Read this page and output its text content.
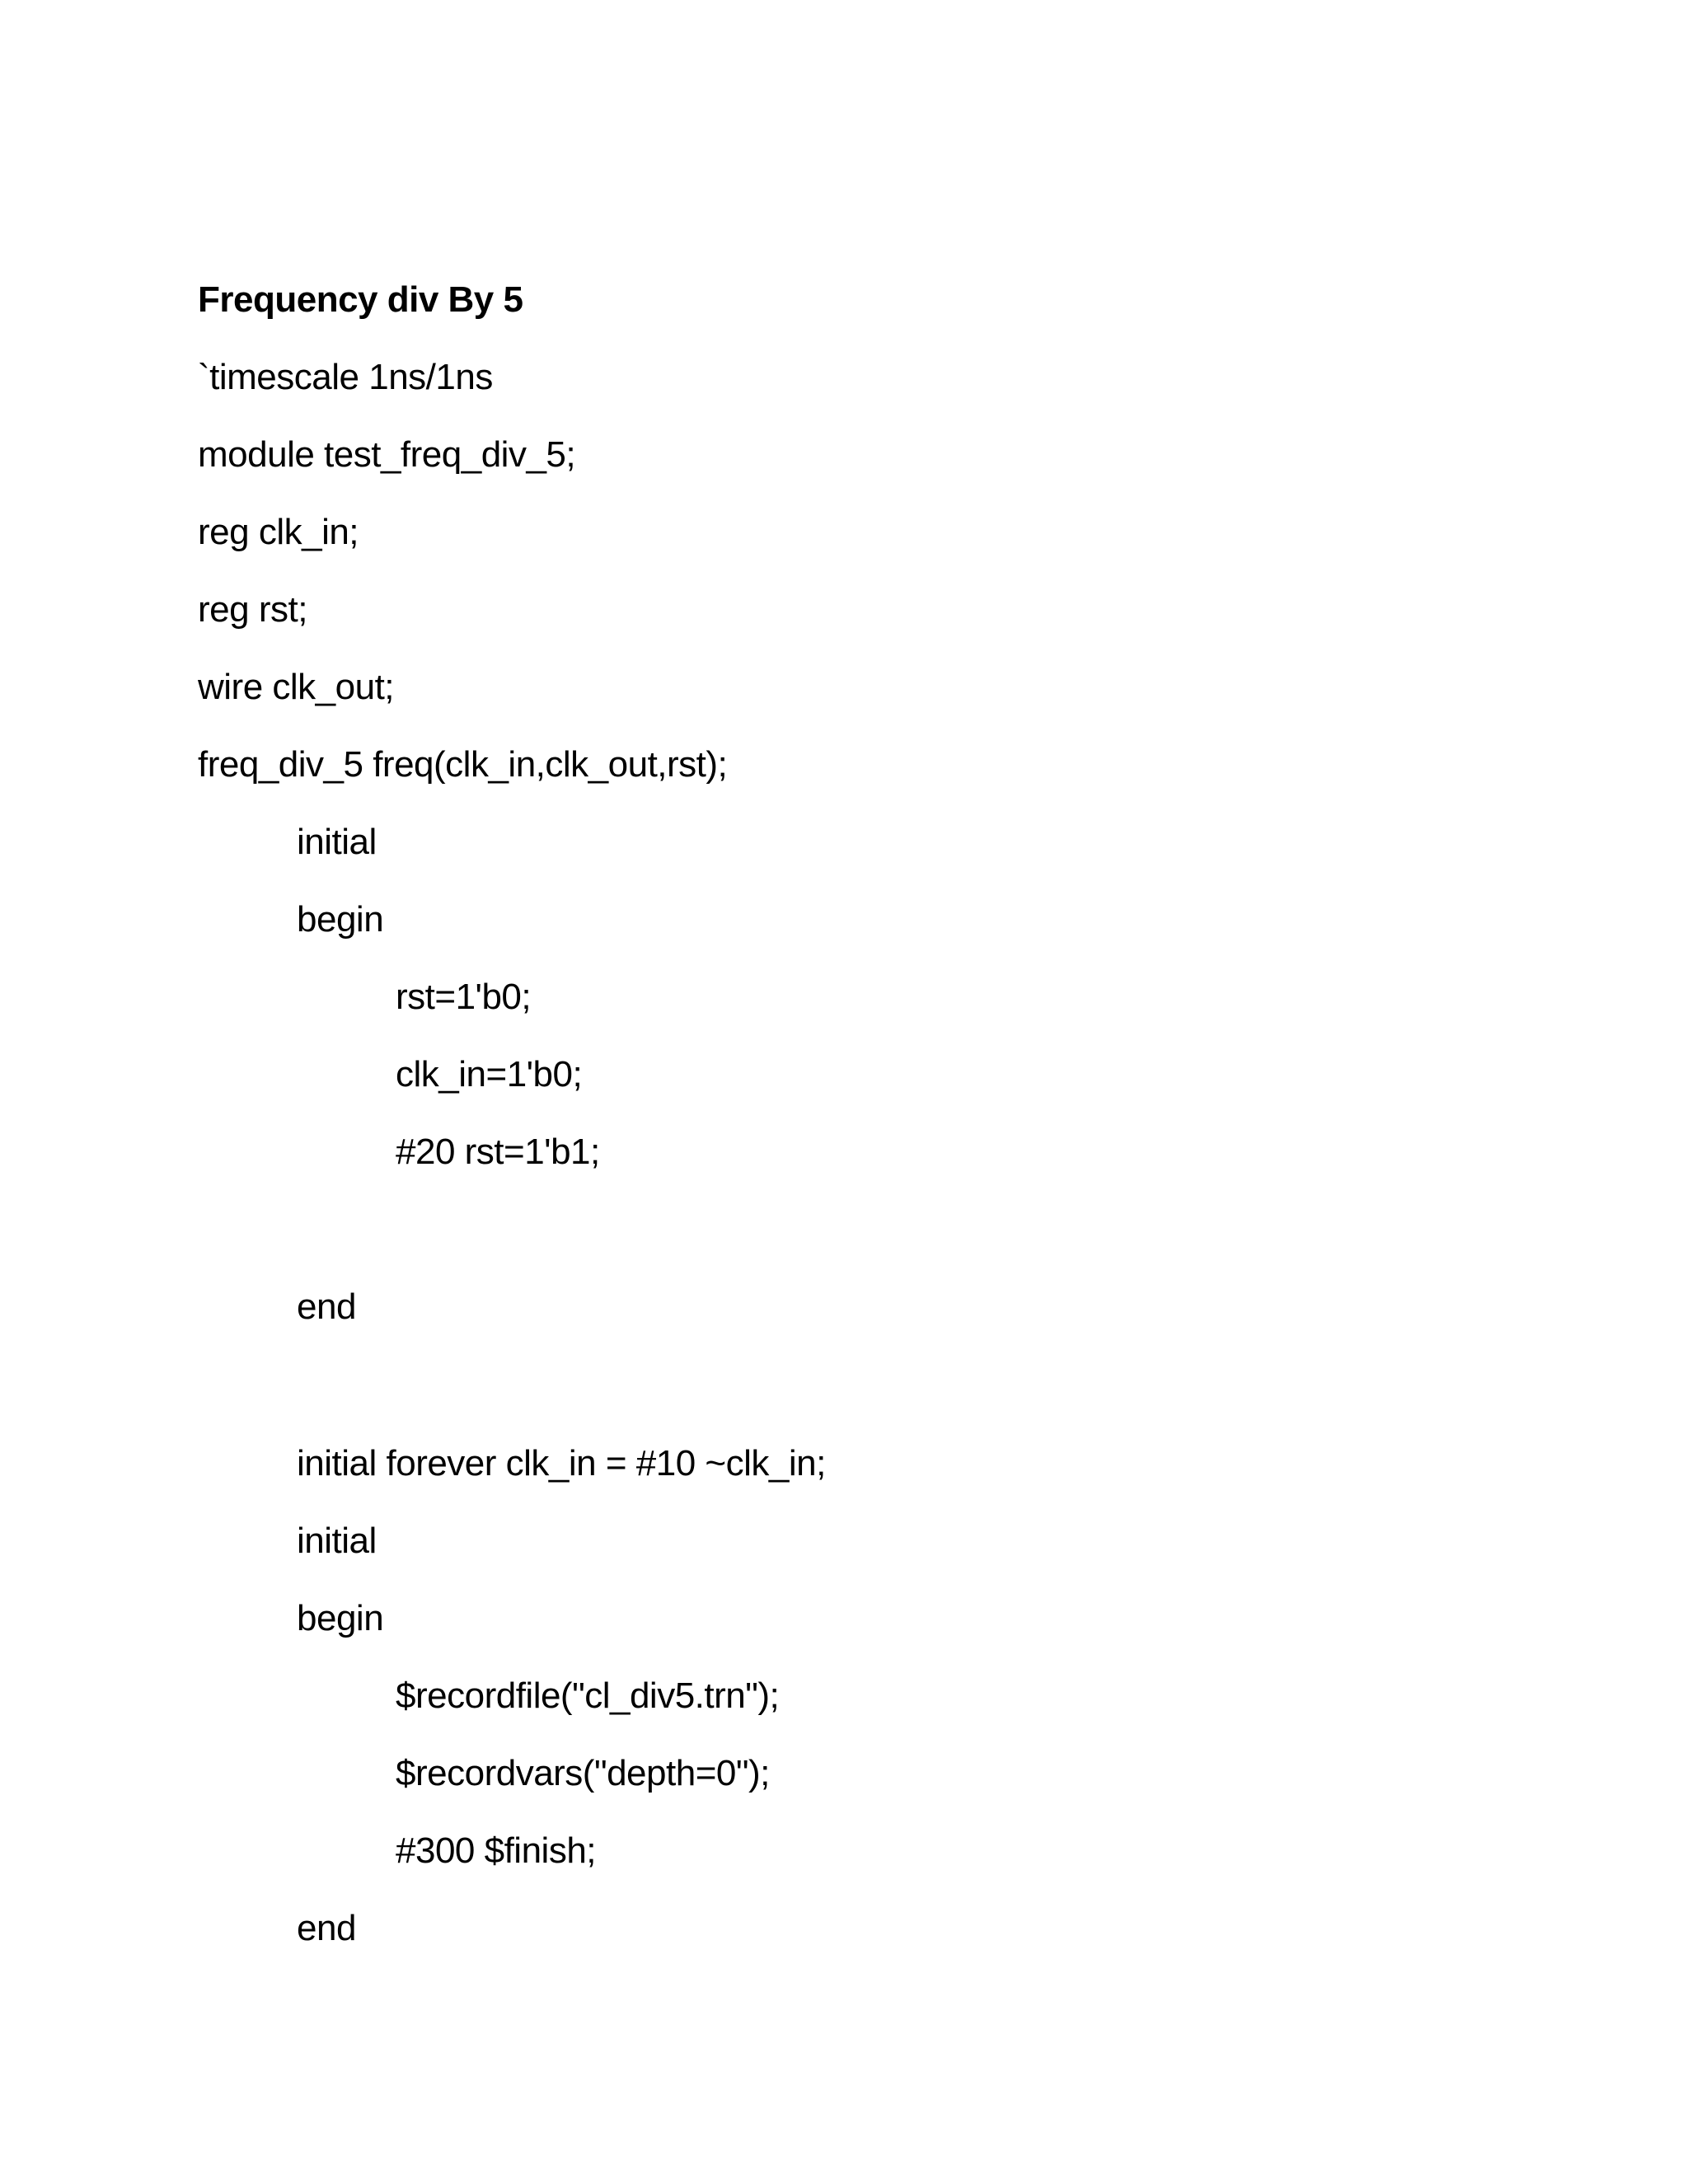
Frequency div By 5
`timescale 1ns/1ns
module test_freq_div_5;
reg clk_in;
reg rst;
wire clk_out;
freq_div_5 freq(clk_in,clk_out,rst);
initial
begin
rst=1'b0;
clk_in=1'b0;
#20 rst=1'b1;
end
initial forever clk_in = #10 ~clk_in;
initial
begin
$recordfile("cl_div5.trn");
$recordvars("depth=0");
#300 $finish;
end
